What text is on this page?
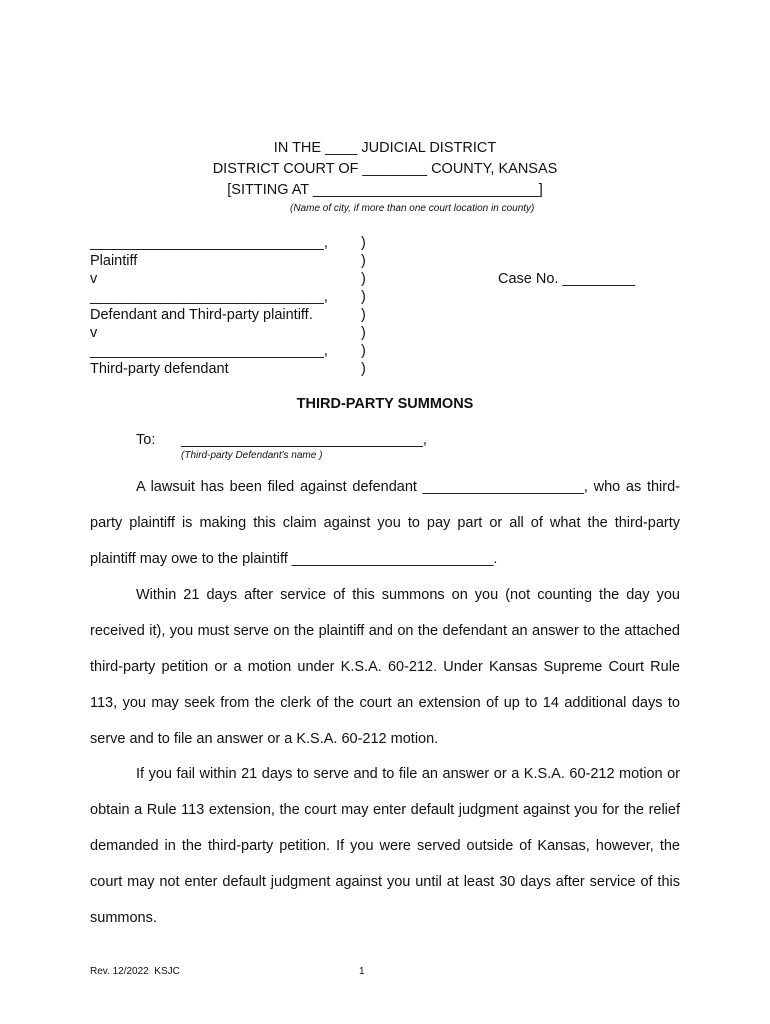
IN THE ____ JUDICIAL DISTRICT
DISTRICT COURT OF ________ COUNTY, KANSAS
[SITTING AT ____________________________]
(Name of city, if more than one court location in county)
_____________________________,
Plaintiff
v
_____________________________,
Defendant and Third-party plaintiff.
v
_____________________________,
Third-party defendant
)
)
)
)
)
)
)
)
Case No. _________
THIRD-PARTY SUMMONS
To: ______________________________,
(Third-party Defendant's name )

A lawsuit has been filed against defendant ____________________, who as third-party plaintiff is making this claim against you to pay part or all of what the third-party plaintiff may owe to the plaintiff _________________________.

Within 21 days after service of this summons on you (not counting the day you received it), you must serve on the plaintiff and on the defendant an answer to the attached third-party petition or a motion under K.S.A. 60-212. Under Kansas Supreme Court Rule 113, you may seek from the clerk of the court an extension of up to 14 additional days to serve and to file an answer or a K.S.A. 60-212 motion.

If you fail within 21 days to serve and to file an answer or a K.S.A. 60-212 motion or obtain a Rule 113 extension, the court may enter default judgment against you for the relief demanded in the third-party petition. If you were served outside of Kansas, however, the court may not enter default judgment against you until at least 30 days after service of this summons.

Rev. 12/2022  KSJC	1
